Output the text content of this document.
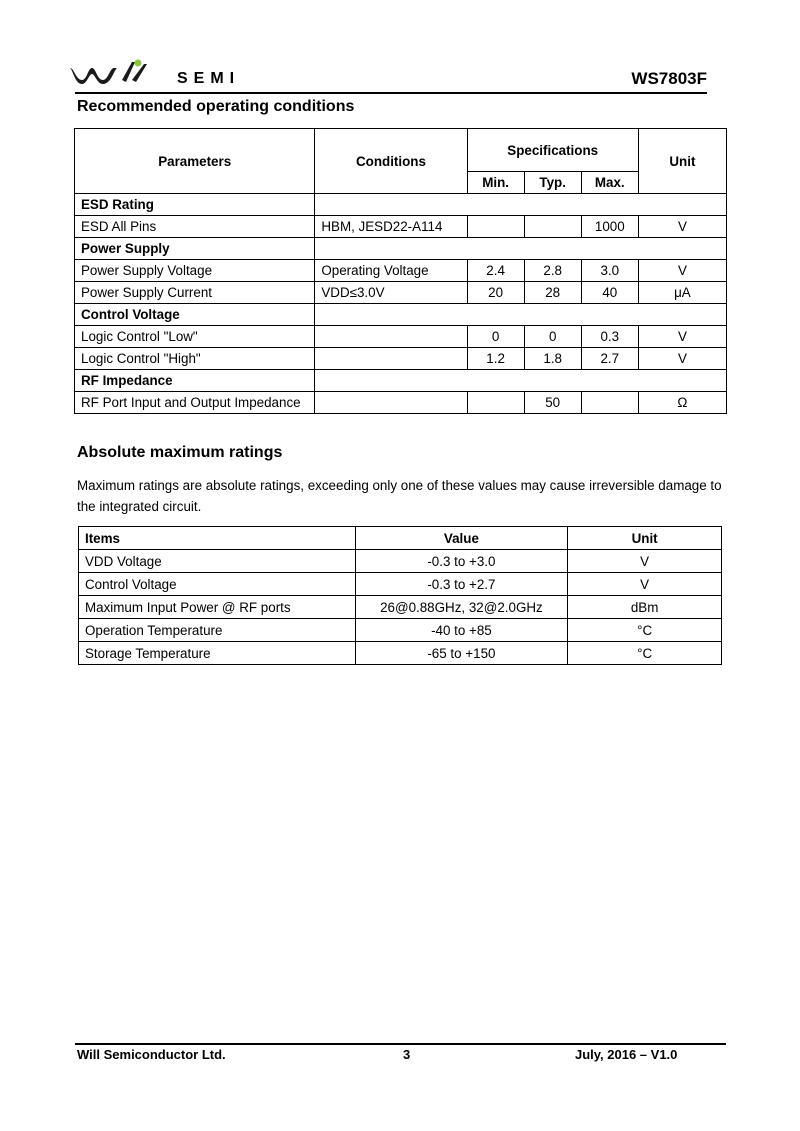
SEMI	WS7803F
Recommended operating conditions
Parameters	Conditions	Specifications			Unit
		Min.	Typ.	Max.	
ESD Rating					
ESD All Pins	HBM, JESD22-A114			1000	V
Power Supply					
Power Supply Voltage	Operating Voltage	2.4	2.8	3.0	V
Power Supply Current	VDD≤3.0V	20	28	40	μA
Control Voltage					
Logic Control "Low"		0	0	0.3	V
Logic Control "High"		1.2	1.8	2.7	V
RF Impedance					
RF Port Input and Output Impedance			50		Ω
Absolute maximum ratings

Maximum ratings are absolute ratings, exceeding only one of these values may cause irreversible damage to the integrated circuit.

Items	Value	Unit
VDD Voltage	-0.3 to +3.0	V
Control Voltage	-0.3 to +2.7	V
Maximum Input Power @ RF ports	26@0.88GHz, 32@2.0GHz	dBm
Operation Temperature	-40 to +85	°C
Storage Temperature	-65 to +150	°C
Will Semiconductor Ltd.	3	July, 2016 – V1.0
